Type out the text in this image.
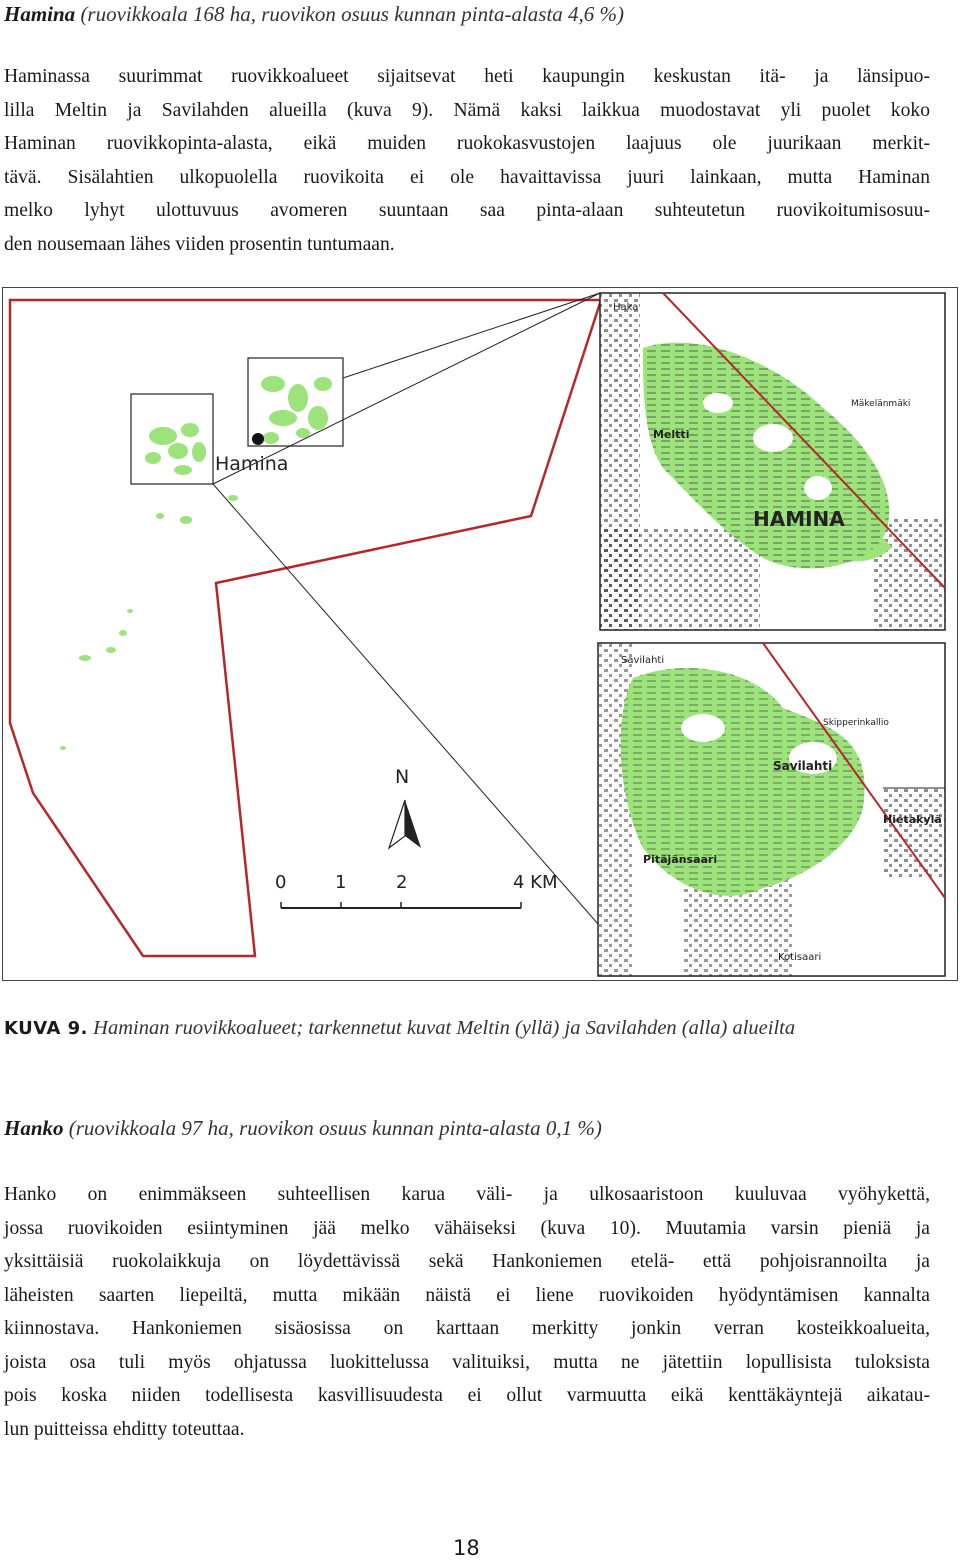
Hamina (ruovikkoala 168 ha, ruovikon osuus kunnan pinta-alasta 4,6 %)
Haminassa suurimmat ruovikkoalueet sijaitsevat heti kaupungin keskustan itä- ja länsipuo-
lilla Meltin ja Savilahden alueilla (kuva 9). Nämä kaksi laikkua muodostavat yli puolet koko
Haminan ruovikkopinta-alasta, eikä muiden ruokokasvustojen laajuus ole juurikaan merkit-
tävä. Sisälahtien ulkopuolella ruovikoita ei ole havaittavissa juuri lainkaan, mutta Haminan
melko lyhyt ulottuvuus avomeren suuntaan saa pinta-alaan suhteutetun ruovikoitumisosuu-
den nousemaan lähes viiden prosentin tuntumaan.
Hamina
N
0	1	2	4 KM
Haka
Meltti
Mäkelänmäki
HAMINA
Savilahti
Skipperinkallio
Savilahti
Hietakylä
Pitäjänsaari
Kotisaari
KUVA 9. Haminan ruovikkoalueet; tarkennetut kuvat Meltin (yllä) ja Savilahden (alla) alueilta
Hanko (ruovikkoala 97 ha, ruovikon osuus kunnan pinta-alasta 0,1 %)
Hanko on enimmäkseen suhteellisen karua väli- ja ulkosaaristoon kuuluvaa vyöhykettä,
jossa ruovikoiden esiintyminen jää melko vähäiseksi (kuva 10). Muutamia varsin pieniä ja
yksittäisiä ruokolaikkuja on löydettävissä sekä Hankoniemen etelä- että pohjoisrannoilta ja
läheisten saarten liepeiltä, mutta mikään näistä ei liene ruovikoiden hyödyntämisen kannalta
kiinnostava. Hankoniemen sisäosissa on karttaan merkitty jonkin verran kosteikkoalueita,
joista osa tuli myös ohjatussa luokittelussa valituiksi, mutta ne jätettiin lopullisista tuloksista
pois koska niiden todellisesta kasvillisuudesta ei ollut varmuutta eikä kenttäkäyntejä aikatau-
lun puitteissa ehditty toteuttaa.
18
